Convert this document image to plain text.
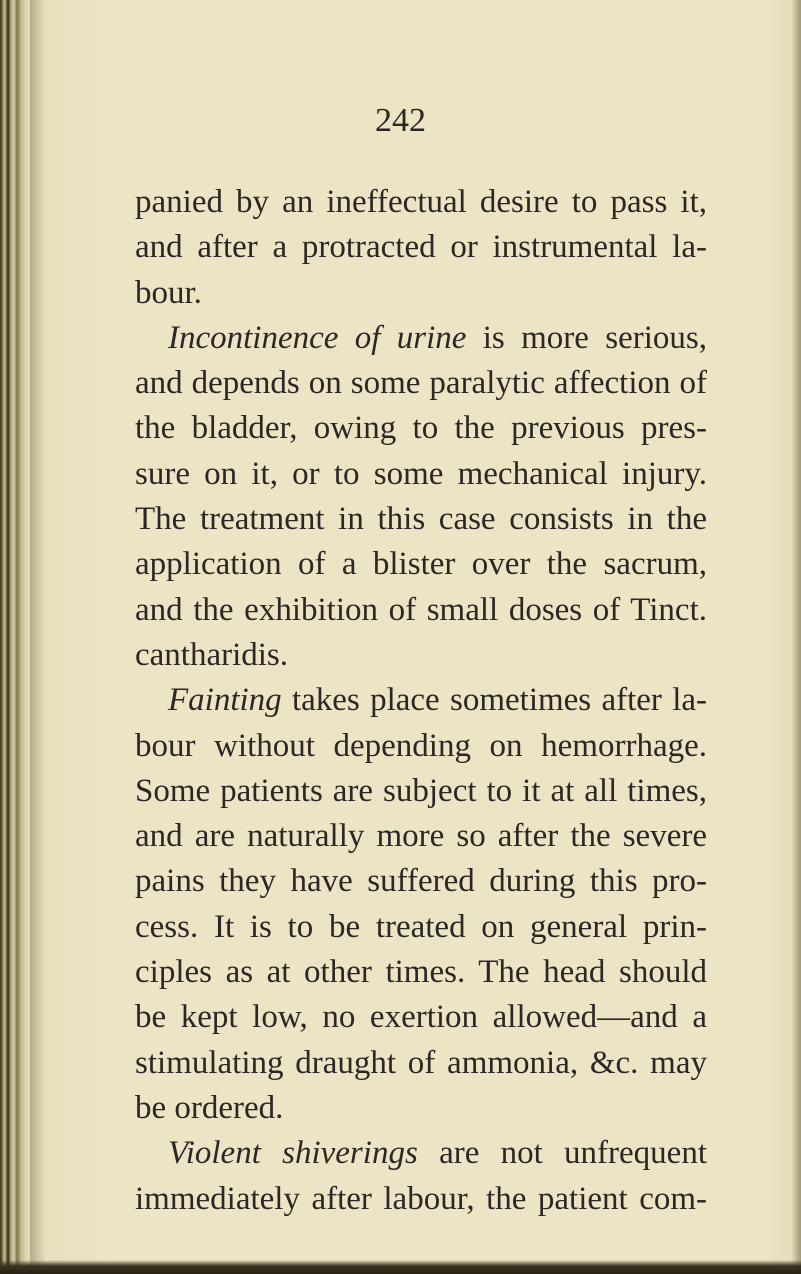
242

panied by an ineffectual desire to pass it,
and after a protracted or instrumental la-
bour.
Incontinence of urine is more serious,
and depends on some paralytic affection of
the bladder, owing to the previous pres-
sure on it, or to some mechanical injury.
The treatment in this case consists in the
application of a blister over the sacrum,
and the exhibition of small doses of Tinct.
cantharidis.
Fainting takes place sometimes after la-
bour without depending on hemorrhage.
Some patients are subject to it at all times,
and are naturally more so after the severe
pains they have suffered during this pro-
cess. It is to be treated on general prin-
ciples as at other times. The head should
be kept low, no exertion allowed—and a
stimulating draught of ammonia, &c. may
be ordered.
Violent shiverings are not unfrequent
immediately after labour, the patient com-
